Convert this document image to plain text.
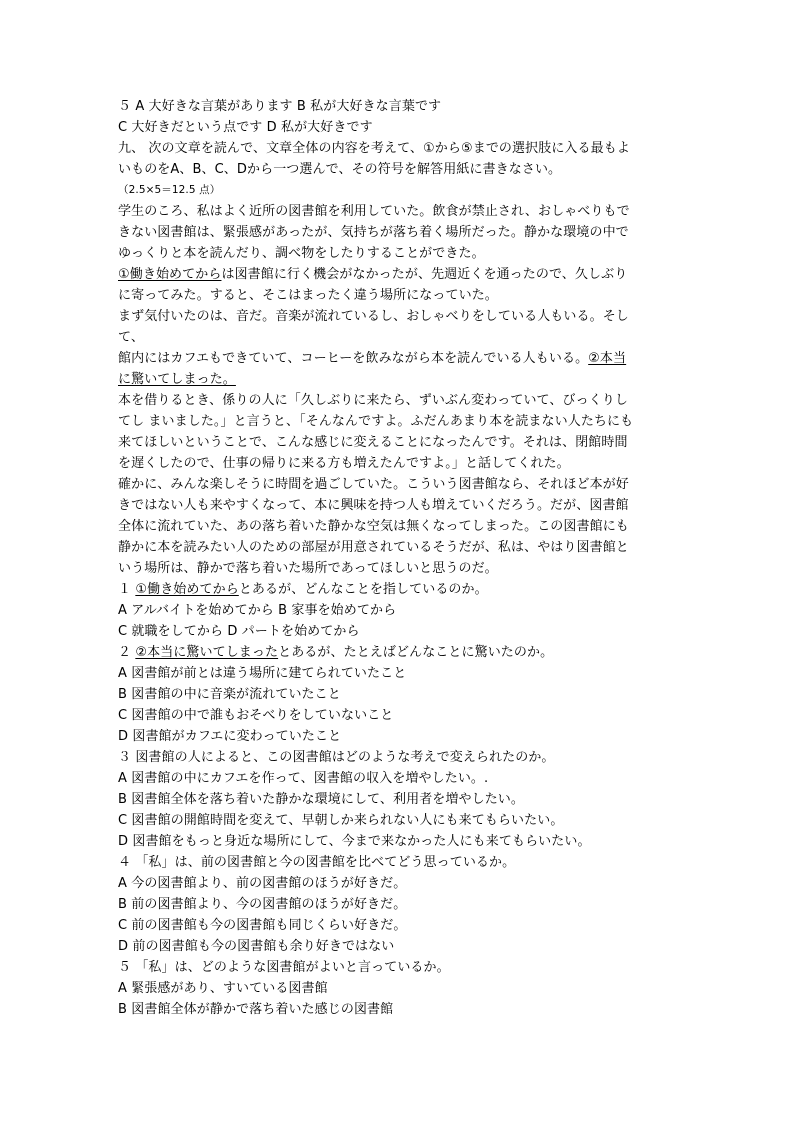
５ A 大好きな言葉があります B 私が大好きな言葉です
C 大好きだという点です D 私が大好きです
九、 次の文章を読んで、文章全体の内容を考えて、①から⑤までの選択肢に入る最もよ
いものをA、B、C、Dから一つ選んで、その符号を解答用紙に書きなさい。
（2.5×5＝12.5 点）
学生のころ、私はよく近所の図書館を利用していた。飲食が禁止され、おしゃべりもで
きない図書館は、緊張感があったが、気持ちが落ち着く場所だった。静かな環境の中で
ゆっくりと本を読んだり、調べ物をしたりすることができた。
①働き始めてからは図書館に行く機会がなかったが、先週近くを通ったので、久しぶり
に寄ってみた。すると、そこはまったく違う場所になっていた。
まず気付いたのは、音だ。音楽が流れているし、おしゃべりをしている人もいる。そし
て、
館内にはカフエもできていて、コーヒーを飲みながら本を読んでいる人もいる。②本当
に驚いてしまった。
本を借りるとき、係りの人に「久しぶりに来たら、ずいぶん変わっていて、びっくりし
てし まいました。」と言うと、「そんなんですよ。ふだんあまり本を読まない人たちにも
来てほしいということで、こんな感じに変えることになったんです。それは、閉館時間
を遅くしたので、仕事の帰りに来る方も増えたんですよ。」と話してくれた。
確かに、みんな楽しそうに時間を過ごしていた。こういう図書館なら、それほど本が好
きではない人も来やすくなって、本に興味を持つ人も増えていくだろう。だが、図書館
全体に流れていた、あの落ち着いた静かな空気は無くなってしまった。この図書館にも
静かに本を読みたい人のための部屋が用意されているそうだが、私は、やはり図書館と
いう場所は、静かで落ち着いた場所であってほしいと思うのだ。
１ ①働き始めてからとあるが、どんなことを指しているのか。
A アルバイトを始めてから B 家事を始めてから
C 就職をしてから D パートを始めてから
２ ②本当に驚いてしまったとあるが、たとえばどんなことに驚いたのか。
A 図書館が前とは違う場所に建てられていたこと
B 図書館の中に音楽が流れていたこと
C 図書館の中で誰もおそべりをしていないこと
D 図書館がカフエに変わっていたこと
３ 図書館の人によると、この図書館はどのような考えで変えられたのか。
A 図書館の中にカフエを作って、図書館の収入を増やしたい。.
B 図書館全体を落ち着いた静かな環境にして、利用者を増やしたい。
C 図書館の開館時間を変えて、早朝しか来られない人にも来てもらいたい。
D 図書館をもっと身近な場所にして、今まで来なかった人にも来てもらいたい。
４ 「私」は、前の図書館と今の図書館を比べてどう思っているか。
A 今の図書館より、前の図書館のほうが好きだ。
B 前の図書館より、今の図書館のほうが好きだ。
C 前の図書館も今の図書館も同じくらい好きだ。
D 前の図書館も今の図書館も余り好きではない
５ 「私」は、どのような図書館がよいと言っているか。
A 緊張感があり、すいている図書館
B 図書館全体が静かで落ち着いた感じの図書館
